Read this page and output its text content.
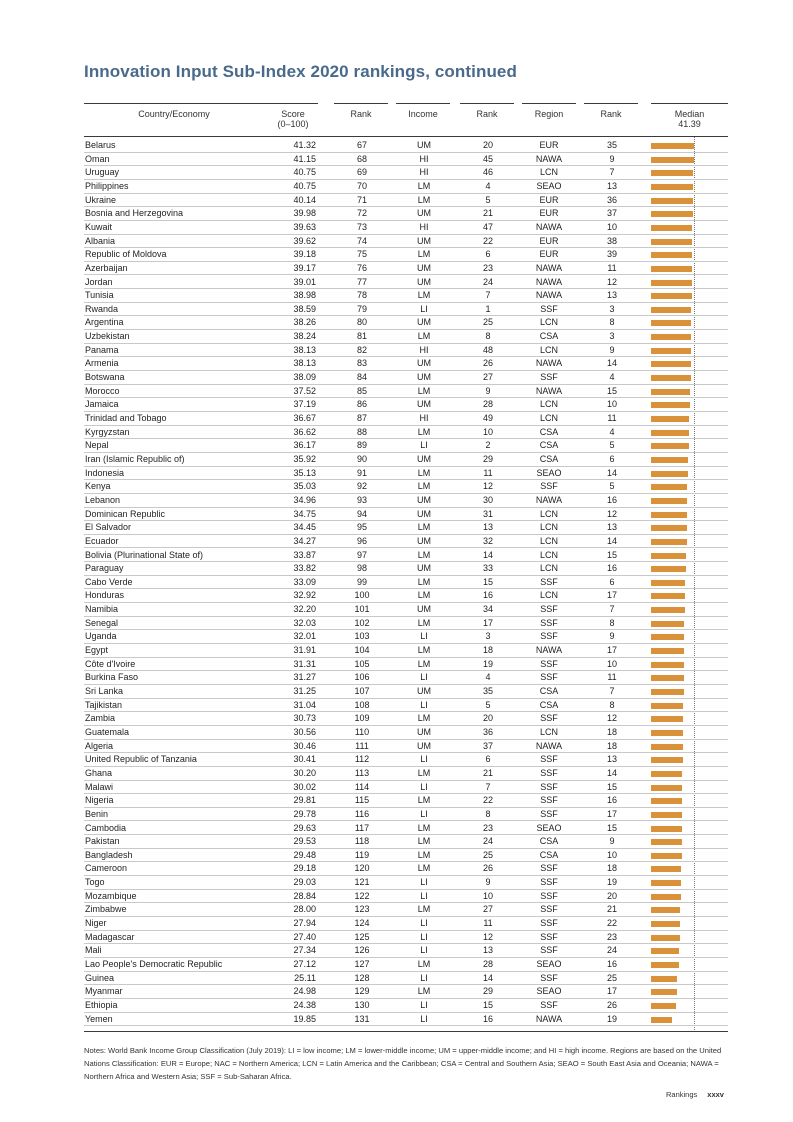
Innovation Input Sub-Index 2020 rankings, continued
Country/Economy	Score
(0–100)
Rank	Income	Rank	Region	Rank	Median
41.39
Belarus	41.32	67	UM	20	EUR	35
Oman	41.15	68	HI	45	NAWA	9
Uruguay	40.75	69	HI	46	LCN	7
Philippines	40.75	70	LM	4	SEAO	13
Ukraine	40.14	71	LM	5	EUR	36
Bosnia and Herzegovina	39.98	72	UM	21	EUR	37
Kuwait	39.63	73	HI	47	NAWA	10
Albania	39.62	74	UM	22	EUR	38
Republic of Moldova	39.18	75	LM	6	EUR	39
Azerbaijan	39.17	76	UM	23	NAWA	11
Jordan	39.01	77	UM	24	NAWA	12
Tunisia	38.98	78	LM	7	NAWA	13
Rwanda	38.59	79	LI	1	SSF	3
Argentina	38.26	80	UM	25	LCN	8
Uzbekistan	38.24	81	LM	8	CSA	3
Panama	38.13	82	HI	48	LCN	9
Armenia	38.13	83	UM	26	NAWA	14
Botswana	38.09	84	UM	27	SSF	4
Morocco	37.52	85	LM	9	NAWA	15
Jamaica	37.19	86	UM	28	LCN	10
Trinidad and Tobago	36.67	87	HI	49	LCN	11
Kyrgyzstan	36.62	88	LM	10	CSA	4
Nepal	36.17	89	LI	2	CSA	5
Iran (Islamic Republic of)	35.92	90	UM	29	CSA	6
Indonesia	35.13	91	LM	11	SEAO	14
Kenya	35.03	92	LM	12	SSF	5
Lebanon	34.96	93	UM	30	NAWA	16
Dominican Republic	34.75	94	UM	31	LCN	12
El Salvador	34.45	95	LM	13	LCN	13
Ecuador	34.27	96	UM	32	LCN	14
Bolivia (Plurinational State of)	33.87	97	LM	14	LCN	15
Paraguay	33.82	98	UM	33	LCN	16
Cabo Verde	33.09	99	LM	15	SSF	6
Honduras	32.92	100	LM	16	LCN	17
Namibia	32.20	101	UM	34	SSF	7
Senegal	32.03	102	LM	17	SSF	8
Uganda	32.01	103	LI	3	SSF	9
Egypt	31.91	104	LM	18	NAWA	17
Côte d'Ivoire	31.31	105	LM	19	SSF	10
Burkina Faso	31.27	106	LI	4	SSF	11
Sri Lanka	31.25	107	UM	35	CSA	7
Tajikistan	31.04	108	LI	5	CSA	8
Zambia	30.73	109	LM	20	SSF	12
Guatemala	30.56	110	UM	36	LCN	18
Algeria	30.46	111	UM	37	NAWA	18
United Republic of Tanzania	30.41	112	LI	6	SSF	13
Ghana	30.20	113	LM	21	SSF	14
Malawi	30.02	114	LI	7	SSF	15
Nigeria	29.81	115	LM	22	SSF	16
Benin	29.78	116	LI	8	SSF	17
Cambodia	29.63	117	LM	23	SEAO	15
Pakistan	29.53	118	LM	24	CSA	9
Bangladesh	29.48	119	LM	25	CSA	10
Cameroon	29.18	120	LM	26	SSF	18
Togo	29.03	121	LI	9	SSF	19
Mozambique	28.84	122	LI	10	SSF	20
Zimbabwe	28.00	123	LM	27	SSF	21
Niger	27.94	124	LI	11	SSF	22
Madagascar	27.40	125	LI	12	SSF	23
Mali	27.34	126	LI	13	SSF	24
Lao People's Democratic Republic	27.12	127	LM	28	SEAO	16
Guinea	25.11	128	LI	14	SSF	25
Myanmar	24.98	129	LM	29	SEAO	17
Ethiopia	24.38	130	LI	15	SSF	26
Yemen	19.85	131	LI	16	NAWA	19
Notes: World Bank Income Group Classification (July 2019): LI = low income; LM = lower-middle income; UM = upper-middle income; and HI = high income. Regions are based on the United Nations Classification: EUR = Europe; NAC = Northern America; LCN = Latin America and the Caribbean; CSA = Central and Southern Asia; SEAO = South East Asia and Oceania; NAWA = Northern Africa and Western Asia; SSF = Sub-Saharan Africa.
Rankings xxxv
